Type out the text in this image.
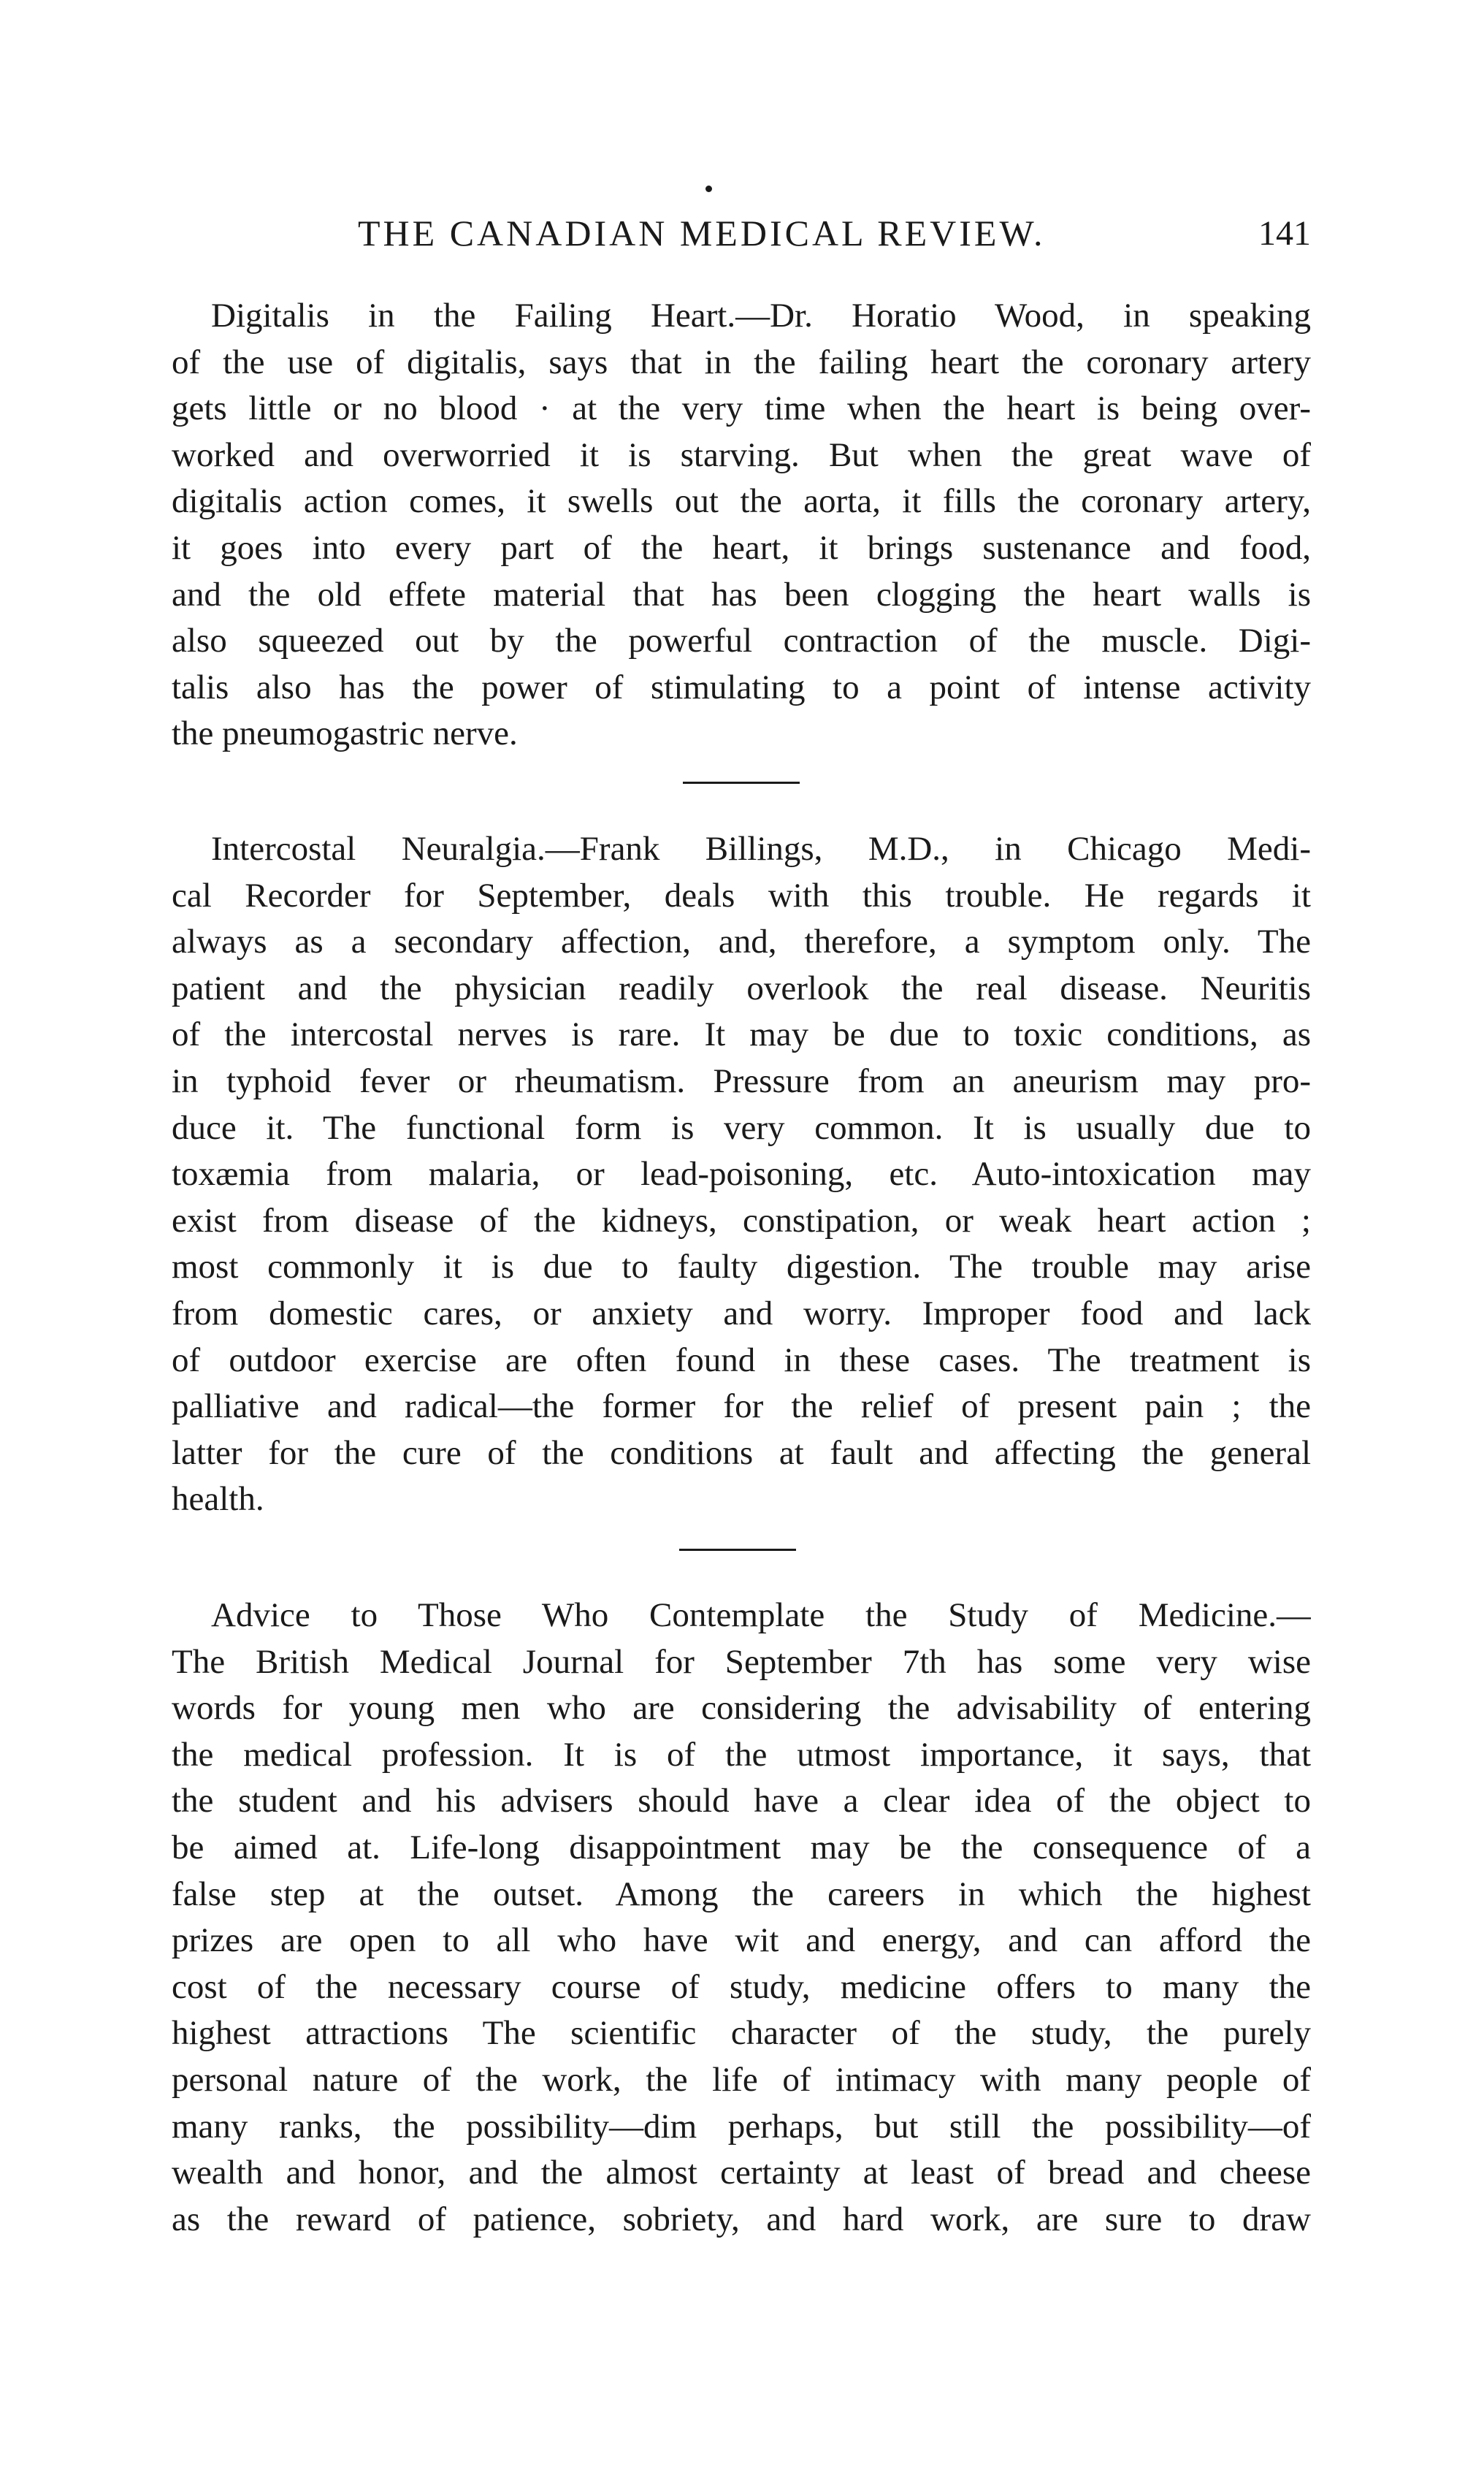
THE CANADIAN MEDICAL REVIEW.	141
Digitalis in the Failing Heart.—Dr. Horatio Wood, in speaking
of the use of digitalis, says that in the failing heart the coronary artery
gets little or no blood · at the very time when the heart is being over-
worked and overworried it is starving. But when the great wave of
digitalis action comes, it swells out the aorta, it fills the coronary artery,
it goes into every part of the heart, it brings sustenance and food,
and the old effete material that has been clogging the heart walls is
also squeezed out by the powerful contraction of the muscle. Digi-
talis also has the power of stimulating to a point of intense activity
the pneumogastric nerve.
Intercostal Neuralgia.—Frank Billings, M.D., in Chicago Medi-
cal Recorder for September, deals with this trouble. He regards it
always as a secondary affection, and, therefore, a symptom only. The
patient and the physician readily overlook the real disease. Neuritis
of the intercostal nerves is rare. It may be due to toxic conditions, as
in typhoid fever or rheumatism. Pressure from an aneurism may pro-
duce it. The functional form is very common. It is usually due to
toxæmia from malaria, or lead-poisoning, etc. Auto-intoxication may
exist from disease of the kidneys, constipation, or weak heart action ;
most commonly it is due to faulty digestion. The trouble may arise
from domestic cares, or anxiety and worry. Improper food and lack
of outdoor exercise are often found in these cases. The treatment is
palliative and radical—the former for the relief of present pain ; the
latter for the cure of the conditions at fault and affecting the general
health.
Advice to Those Who Contemplate the Study of Medicine.—
The British Medical Journal for September 7th has some very wise
words for young men who are considering the advisability of entering
the medical profession. It is of the utmost importance, it says, that
the student and his advisers should have a clear idea of the object to
be aimed at. Life-long disappointment may be the consequence of a
false step at the outset. Among the careers in which the highest
prizes are open to all who have wit and energy, and can afford the
cost of the necessary course of study, medicine offers to many the
highest attractions The scientific character of the study, the purely
personal nature of the work, the life of intimacy with many people of
many ranks, the possibility—dim perhaps, but still the possibility—of
wealth and honor, and the almost certainty at least of bread and cheese
as the reward of patience, sobriety, and hard work, are sure to draw
